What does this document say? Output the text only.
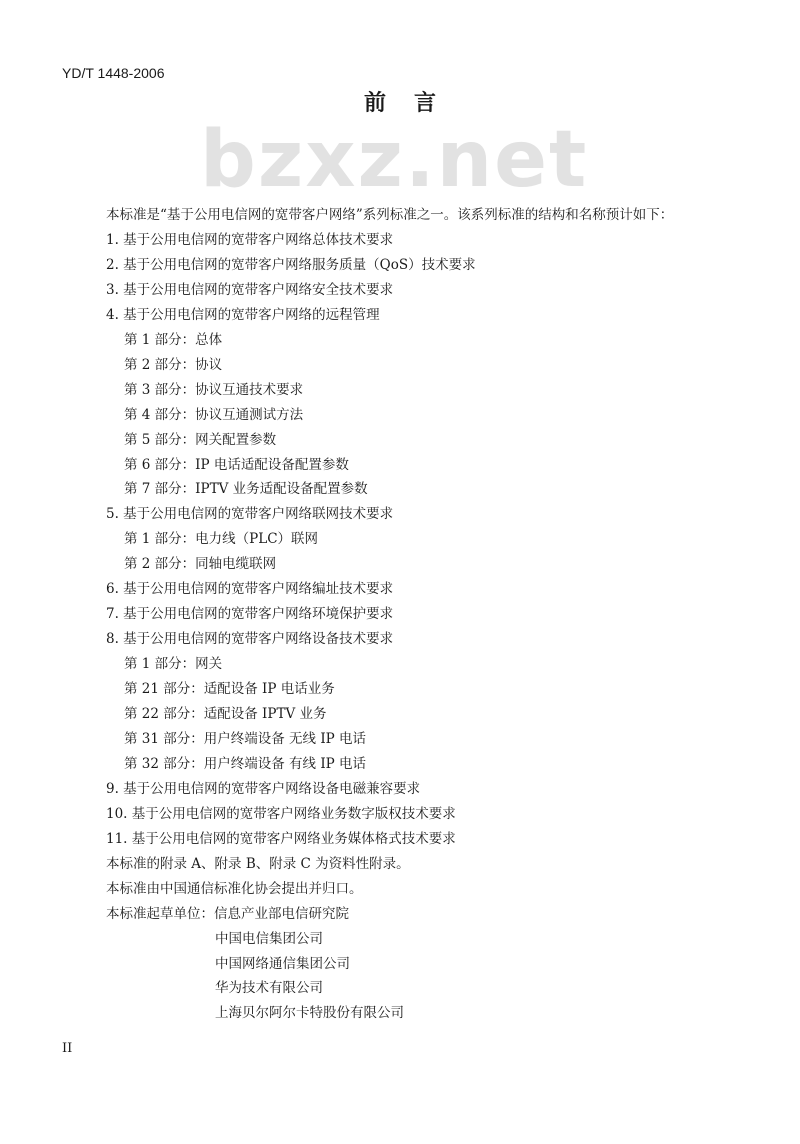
YD/T 1448-2006
前言
bzxz.net
本标准是“基于公用电信网的宽带客户网络”系列标准之一。该系列标准的结构和名称预计如下：
1. 基于公用电信网的宽带客户网络总体技术要求
2. 基于公用电信网的宽带客户网络服务质量（QoS）技术要求
3. 基于公用电信网的宽带客户网络安全技术要求
4. 基于公用电信网的宽带客户网络的远程管理
第 1 部分：总体
第 2 部分：协议
第 3 部分：协议互通技术要求
第 4 部分：协议互通测试方法
第 5 部分：网关配置参数
第 6 部分：IP 电话适配设备配置参数
第 7 部分：IPTV 业务适配设备配置参数
5. 基于公用电信网的宽带客户网络联网技术要求
第 1 部分：电力线（PLC）联网
第 2 部分：同轴电缆联网
6. 基于公用电信网的宽带客户网络编址技术要求
7. 基于公用电信网的宽带客户网络环境保护要求
8. 基于公用电信网的宽带客户网络设备技术要求
第 1 部分：网关
第 21 部分：适配设备 IP 电话业务
第 22 部分：适配设备 IPTV 业务
第 31 部分：用户终端设备 无线 IP 电话
第 32 部分：用户终端设备 有线 IP 电话
9. 基于公用电信网的宽带客户网络设备电磁兼容要求
10. 基于公用电信网的宽带客户网络业务数字版权技术要求
11. 基于公用电信网的宽带客户网络业务媒体格式技术要求
本标准的附录 A、附录 B、附录 C 为资料性附录。
本标准由中国通信标准化协会提出并归口。
本标准起草单位：信息产业部电信研究院
中国电信集团公司
中国网络通信集团公司
华为技术有限公司
上海贝尔阿尔卡特股份有限公司
II
